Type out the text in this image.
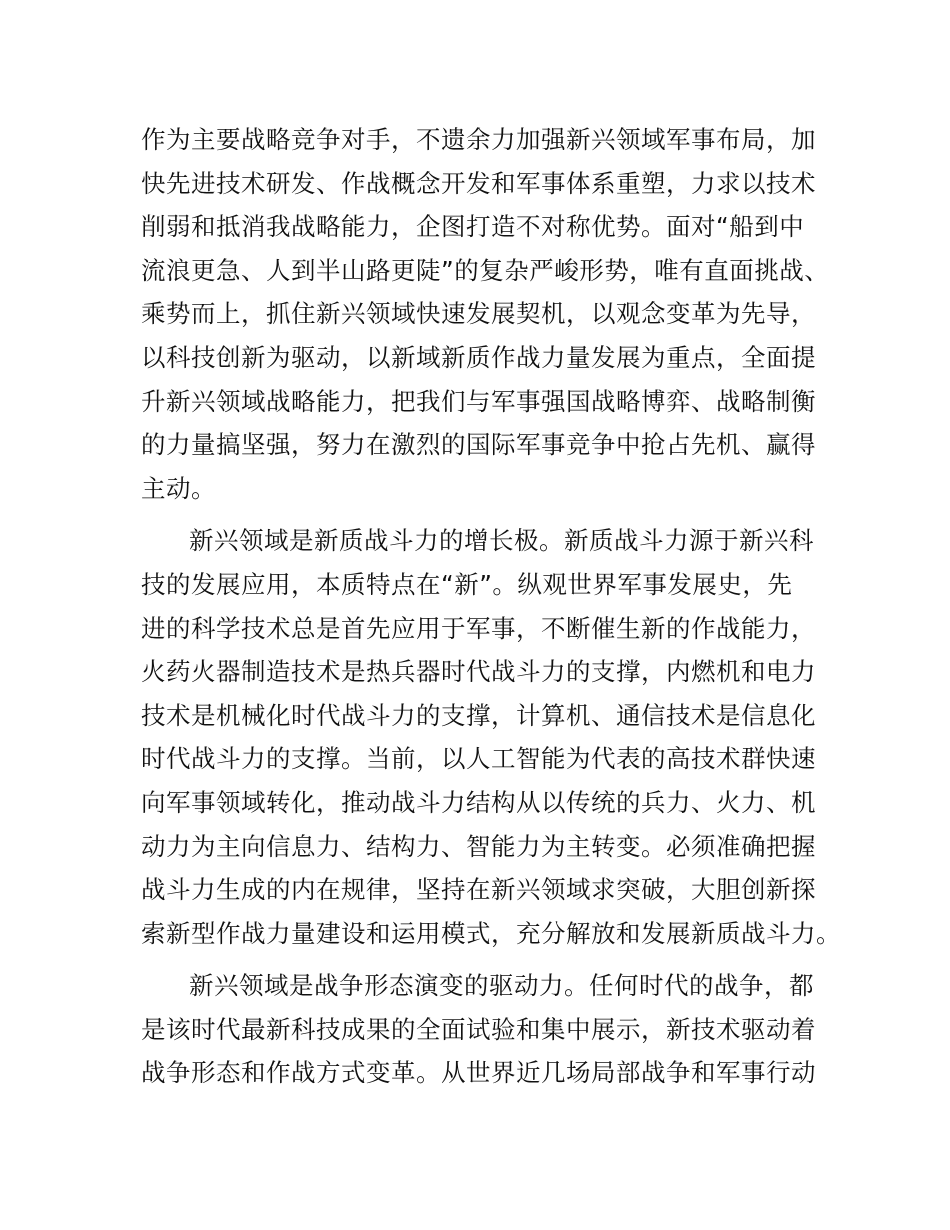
作为主要战略竞争对手，不遗余力加强新兴领域军事布局，加
快先进技术研发、作战概念开发和军事体系重塑，力求以技术
削弱和抵消我战略能力，企图打造不对称优势。面对“船到中
流浪更急、人到半山路更陡”的复杂严峻形势，唯有直面挑战、
乘势而上，抓住新兴领域快速发展契机，以观念变革为先导，
以科技创新为驱动，以新域新质作战力量发展为重点，全面提
升新兴领域战略能力，把我们与军事强国战略博弈、战略制衡
的力量搞坚强，努力在激烈的国际军事竞争中抢占先机、赢得
主动。
新兴领域是新质战斗力的增长极。新质战斗力源于新兴科
技的发展应用，本质特点在“新”。纵观世界军事发展史，先
进的科学技术总是首先应用于军事，不断催生新的作战能力，
火药火器制造技术是热兵器时代战斗力的支撑，内燃机和电力
技术是机械化时代战斗力的支撑，计算机、通信技术是信息化
时代战斗力的支撑。当前，以人工智能为代表的高技术群快速
向军事领域转化，推动战斗力结构从以传统的兵力、火力、机
动力为主向信息力、结构力、智能力为主转变。必须准确把握
战斗力生成的内在规律，坚持在新兴领域求突破，大胆创新探
索新型作战力量建设和运用模式，充分解放和发展新质战斗力。
新兴领域是战争形态演变的驱动力。任何时代的战争，都
是该时代最新科技成果的全面试验和集中展示，新技术驱动着
战争形态和作战方式变革。从世界近几场局部战争和军事行动
